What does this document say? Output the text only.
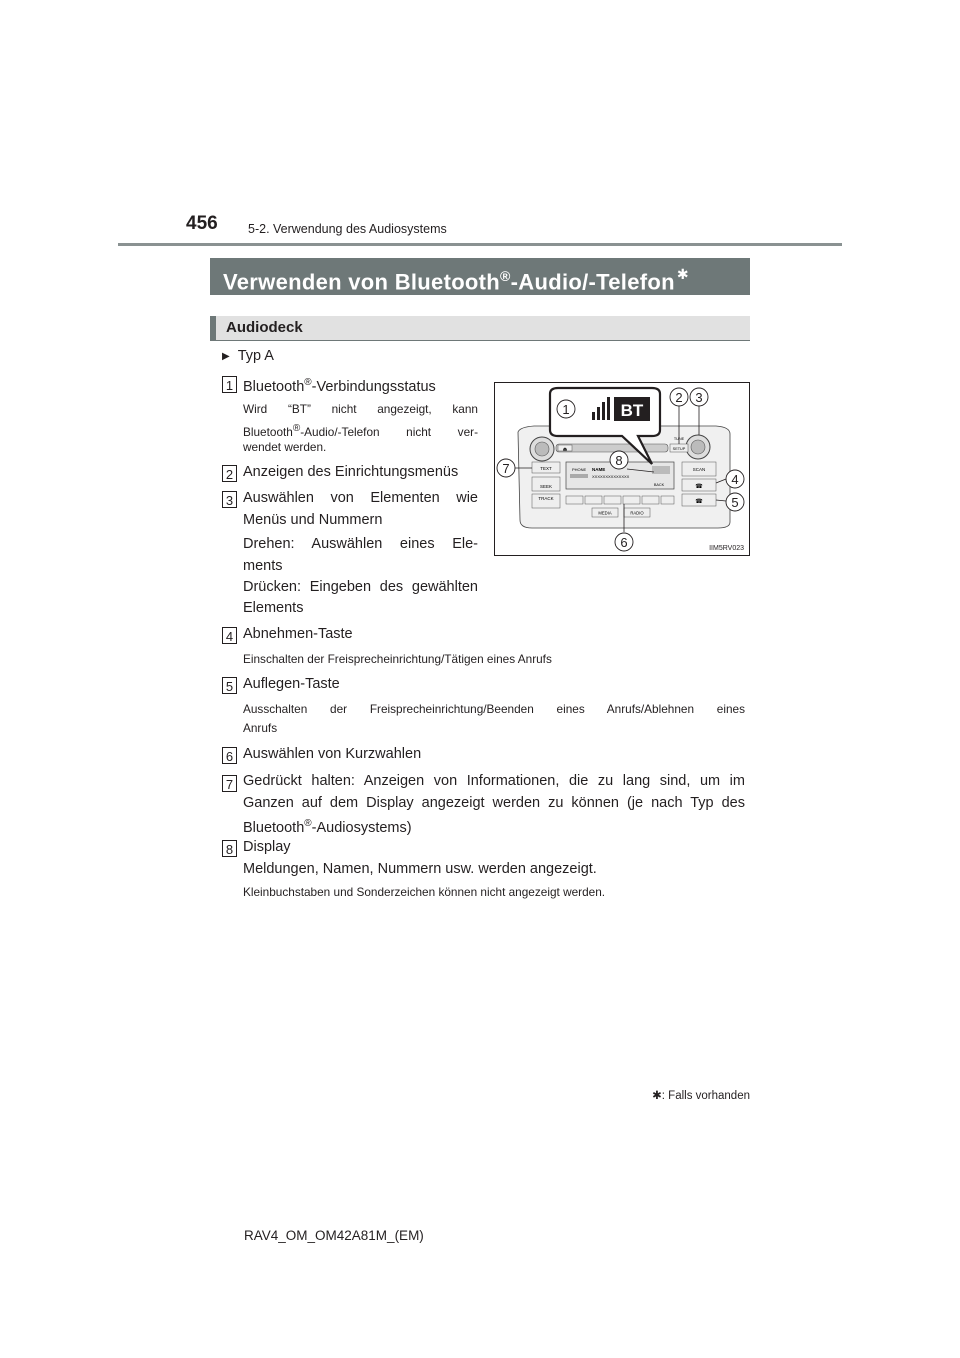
456 5-2. Verwendung des Audiosystems
Verwenden von Bluetooth®-Audio/-Telefon ✱
Audiodeck
▶ Typ A
1 Bluetooth®-Verbindungsstatus
Wird “BT” nicht angezeigt, kann
Bluetooth®-Audio/-Telefon nicht ver-
wendet werden.
2 Anzeigen des Einrichtungsmenüs
3 Auswählen von Elementen wie
Menüs und Nummern
Drehen: Auswählen eines Ele-
ments
Drücken: Eingeben des gewählten
Elements
4 Abnehmen-Taste
Einschalten der Freisprecheinrichtung/Tätigen eines Anrufs
5 Auflegen-Taste
Ausschalten der Freisprecheinrichtung/Beenden eines Anrufs/Ablehnen eines
Anrufs
6 Auswählen von Kurzwahlen
7 Gedrückt halten: Anzeigen von Informationen, die zu lang sind, um im
Ganzen auf dem Display angezeigt werden zu können (je nach Typ des
Bluetooth®-Audiosystems)
8 Display
Meldungen, Namen, Nummern usw. werden angezeigt.
Kleinbuchstaben und Sonderzeichen können nicht angezeigt werden.
⏏	SETUP
TUNE
TEXT
SEEK
TRACK
PHONE NAME
XXXXXXXXXXXXXX
BACK
SCAN
☎
☎
MEDIA	RADIO
BT
1
2 3
4
5
6
7
8
IIM5RV023
✱: Falls vorhanden
RAV4_OM_OM42A81M_(EM)
